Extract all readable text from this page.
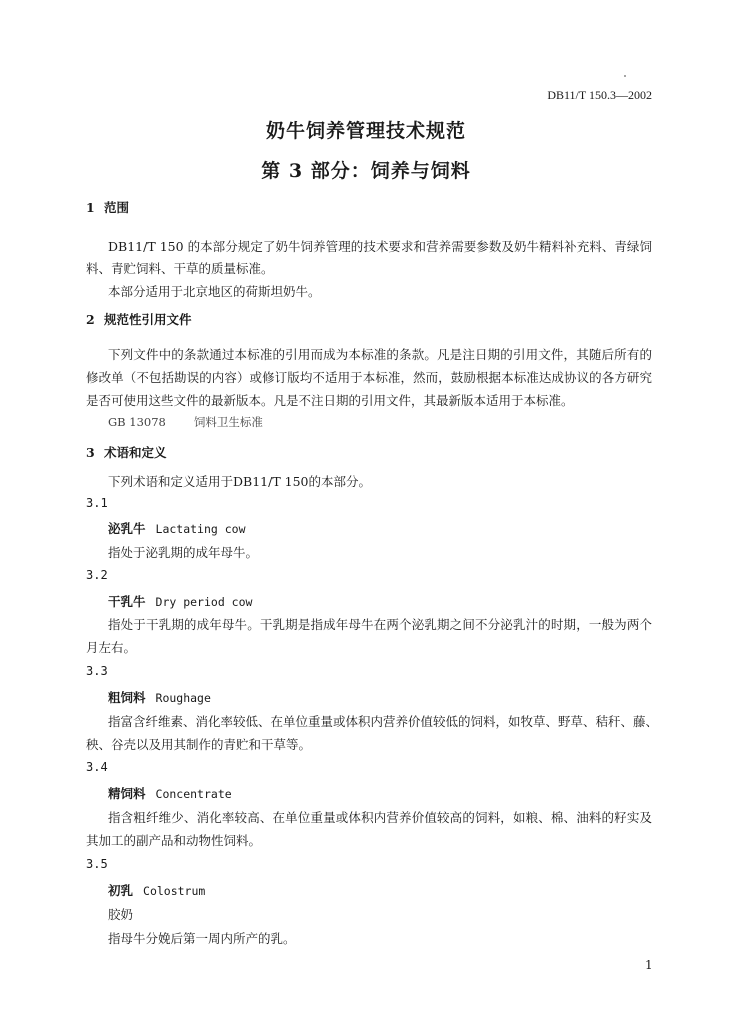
DB11/T 150.3—2002
奶牛饲养管理技术规范
第 3 部分：饲养与饲料
1 范围
DB11/T 150 的本部分规定了奶牛饲养管理的技术要求和营养需要参数及奶牛精料补充料、青绿饲
料、青贮饲料、干草的质量标准。
本部分适用于北京地区的荷斯坦奶牛。
2 规范性引用文件
下列文件中的条款通过本标准的引用而成为本标准的条款。凡是注日期的引用文件，其随后所有的
修改单（不包括勘误的内容）或修订版均不适用于本标准，然而，鼓励根据本标准达成协议的各方研究
是否可使用这些文件的最新版本。凡是不注日期的引用文件，其最新版本适用于本标准。
GB 13078 饲料卫生标准
3 术语和定义
下列术语和定义适用于DB11/T 150的本部分。
3.1
泌乳牛 Lactating cow
指处于泌乳期的成年母牛。
3.2
干乳牛 Dry period cow
指处于干乳期的成年母牛。干乳期是指成年母牛在两个泌乳期之间不分泌乳汁的时期，一般为两个
月左右。
3.3
粗饲料 Roughage
指富含纤维素、消化率较低、在单位重量或体积内营养价值较低的饲料，如牧草、野草、秸秆、藤、
秧、谷壳以及用其制作的青贮和干草等。
3.4
精饲料 Concentrate
指含粗纤维少、消化率较高、在单位重量或体积内营养价值较高的饲料，如粮、棉、油料的籽实及
其加工的副产品和动物性饲料。
3.5
初乳 Colostrum
胶奶
指母牛分娩后第一周内所产的乳。
1
